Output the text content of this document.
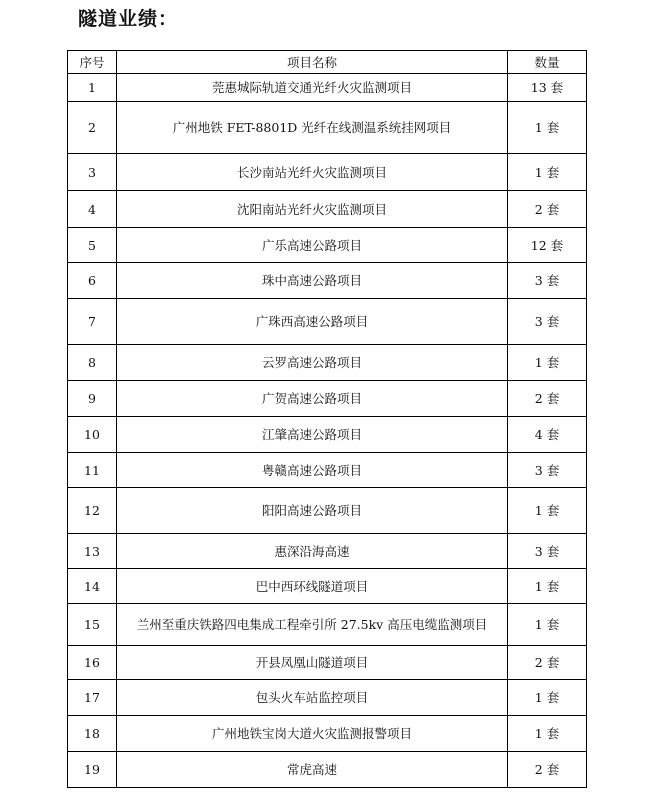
隧道业绩：
序号	项目名称	数量
1	莞惠城际轨道交通光纤火灾监测项目	13 套
2	广州地铁 FET-8801D 光纤在线测温系统挂网项目	1 套
3	长沙南站光纤火灾监测项目	1 套
4	沈阳南站光纤火灾监测项目	2 套
5	广乐高速公路项目	12 套
6	珠中高速公路项目	3 套
7	广珠西高速公路项目	3 套
8	云罗高速公路项目	1 套
9	广贺高速公路项目	2 套
10	江肇高速公路项目	4 套
11	粤赣高速公路项目	3 套
12	阳阳高速公路项目	1 套
13	惠深沿海高速	3 套
14	巴中西环线隧道项目	1 套
15	兰州至重庆铁路四电集成工程牵引所 27.5kv 高压电缆监测项目	1 套
16	开县凤凰山隧道项目	2 套
17	包头火车站监控项目	1 套
18	广州地铁宝岗大道火灾监测报警项目	1 套
19	常虎高速	2 套
